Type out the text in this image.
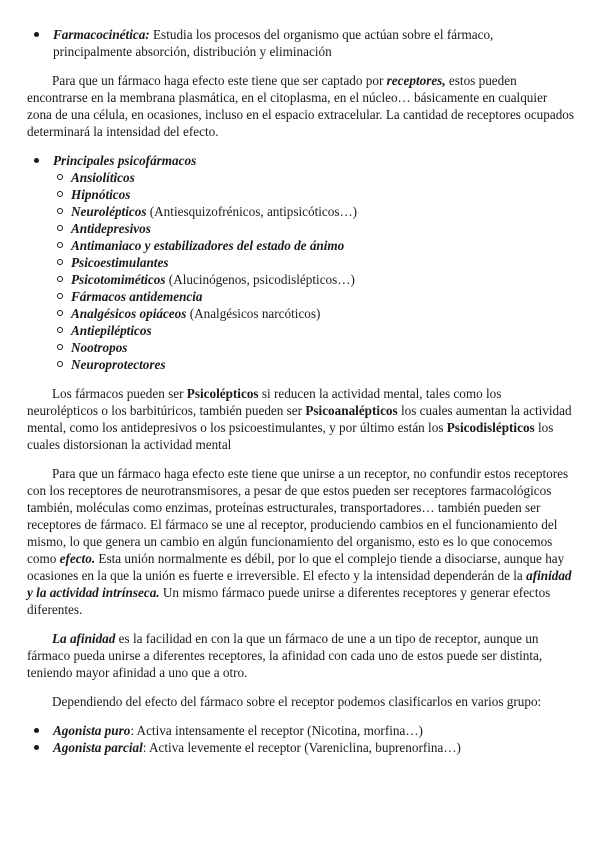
Farmacocinética: Estudia los procesos del organismo que actúan sobre el fármaco, principalmente absorción, distribución y eliminación

Para que un fármaco haga efecto este tiene que ser captado por receptores, estos pueden encontrarse en la membrana plasmática, en el citoplasma, en el núcleo… básicamente en cualquier zona de una célula, en ocasiones, incluso en el espacio extracelular. La cantidad de receptores ocupados determinará la intensidad del efecto.

Principales psicofármacos
Ansiolíticos
Hipnóticos
Neurolépticos (Antiesquizofrénicos, antipsicóticos…)
Antidepresivos
Antimaniaco y estabilizadores del estado de ánimo
Psicoestimulantes
Psicotomiméticos (Alucinógenos, psicodislépticos…)
Fármacos antidemencia
Analgésicos opiáceos (Analgésicos narcóticos)
Antiepilépticos
Nootropos
Neuroprotectores

Los fármacos pueden ser Psicolépticos si reducen la actividad mental, tales como los neurolépticos o los barbitúricos, también pueden ser Psicoanalépticos los cuales aumentan la actividad mental, como los antidepresivos o los psicoestimulantes, y por último están los Psicodislépticos los cuales distorsionan la actividad mental

Para que un fármaco haga efecto este tiene que unirse a un receptor, no confundir estos receptores con los receptores de neurotransmisores, a pesar de que estos pueden ser receptores farmacológicos también, moléculas como enzimas, proteínas estructurales, transportadores… también pueden ser receptores de fármaco. El fármaco se une al receptor, produciendo cambios en el funcionamiento del mismo, lo que genera un cambio en algún funcionamiento del organismo, esto es lo que conocemos como efecto. Esta unión normalmente es débil, por lo que el complejo tiende a disociarse, aunque hay ocasiones en la que la unión es fuerte e irreversible. El efecto y la intensidad dependerán de la afinidad y la actividad intrínseca. Un mismo fármaco puede unirse a diferentes receptores y generar efectos diferentes.

La afinidad es la facilidad en con la que un fármaco de une a un tipo de receptor, aunque un fármaco pueda unirse a diferentes receptores, la afinidad con cada uno de estos puede ser distinta, teniendo mayor afinidad a uno que a otro.

Dependiendo del efecto del fármaco sobre el receptor podemos clasificarlos en varios grupo:

Agonista puro: Activa intensamente el receptor (Nicotina, morfina…)
Agonista parcial: Activa levemente el receptor (Vareniclina, buprenorfina…)
